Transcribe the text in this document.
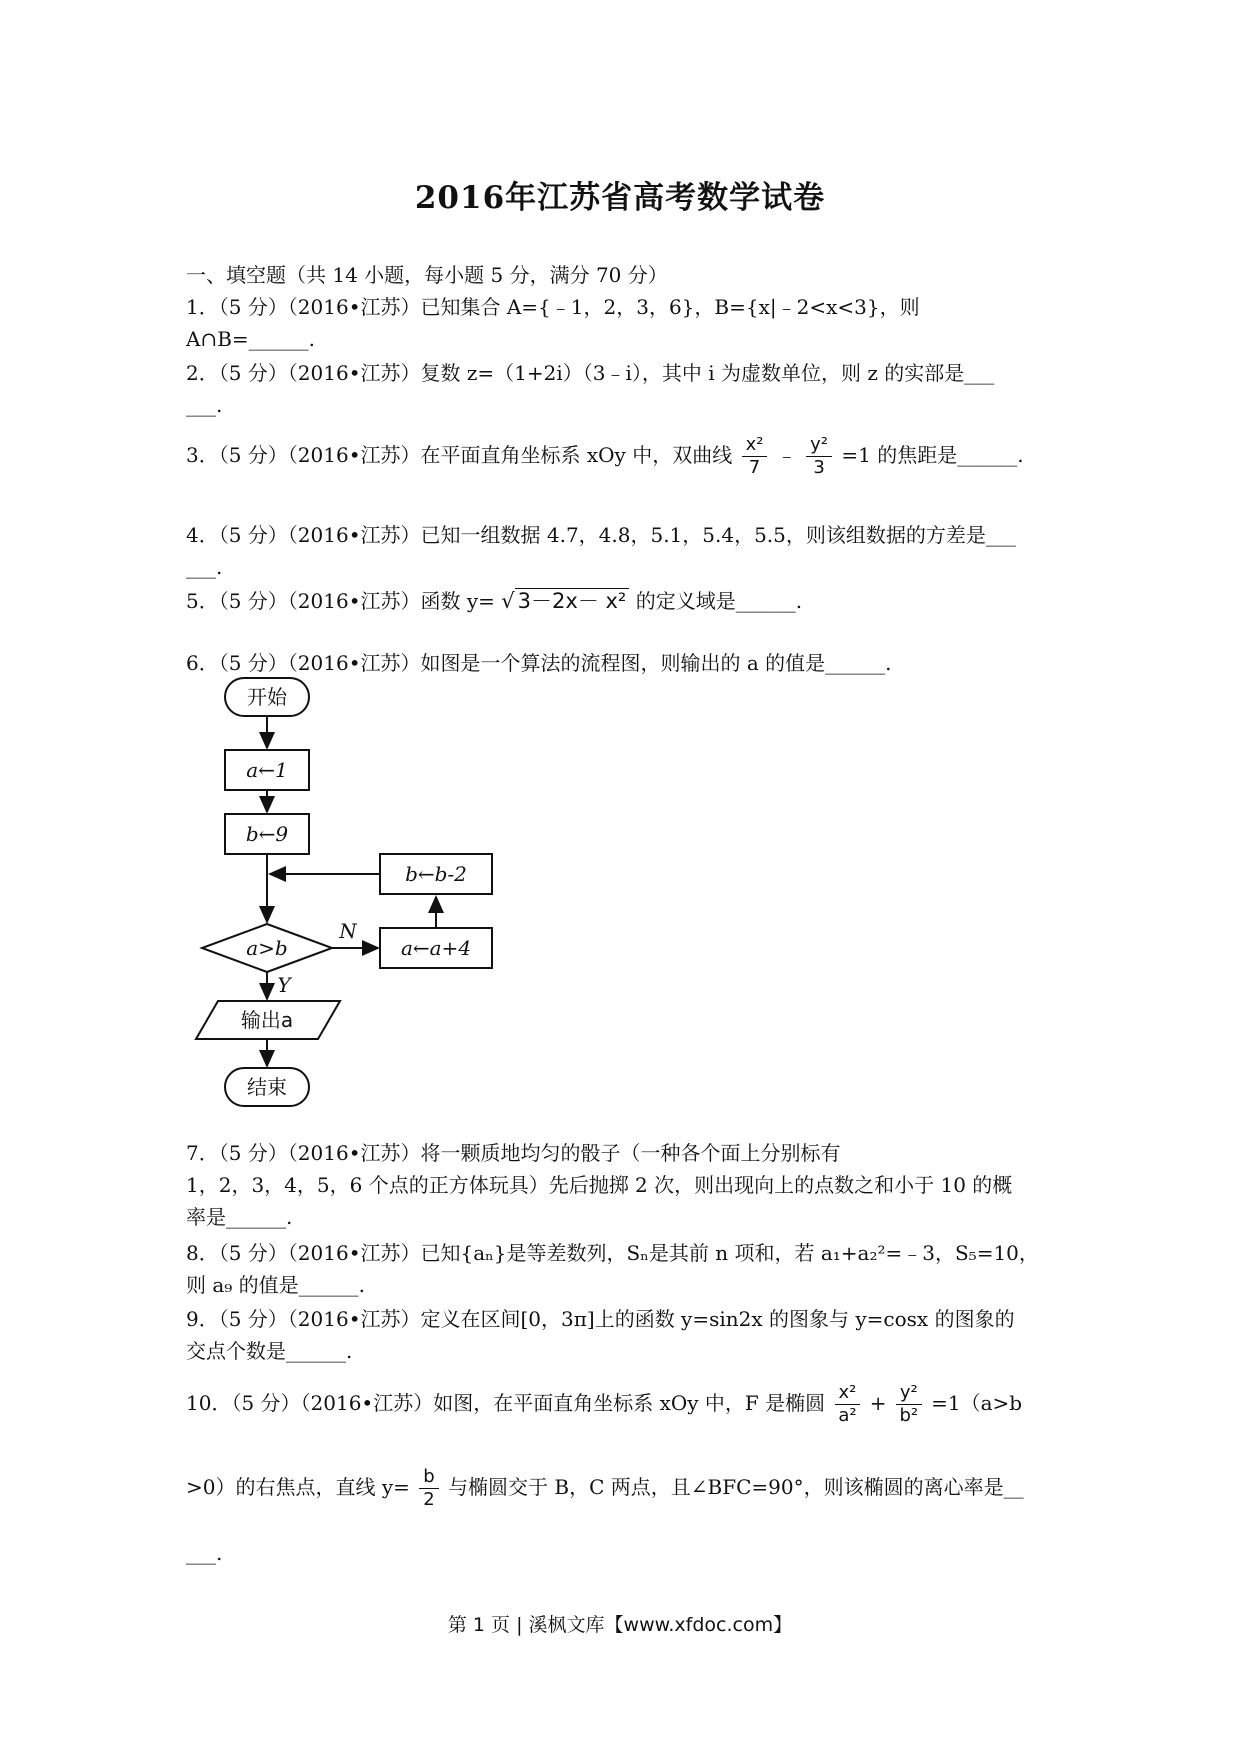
2016年江苏省高考数学试卷
一、填空题（共 14 小题，每小题 5 分，满分 70 分）
1．（5 分）（2016•江苏）已知集合 A={﹣1，2，3，6}，B={x|﹣2<x<3}，则
A∩B=______.
2．（5 分）（2016•江苏）复数 z=（1+2i）（3﹣i），其中 i 为虚数单位，则 z 的实部是___
___.
3．（5 分）（2016•江苏）在平面直角坐标系 xOy 中，双曲线 $\frac{\text{x²}}{7}$ ﹣ $\frac{\text{y²}}{3} =1$ 的焦距是______.
4．（5 分）（2016•江苏）已知一组数据 4.7，4.8，5.1，5.4，5.5，则该组数据的方差是___
___.
5．（5 分）（2016•江苏）函数 y= √ 3－2x－ x² 的定义域是______.
6．（5 分）（2016•江苏）如图是一个算法的流程图，则输出的 a 的值是______.
开始
a←1
b←9
b←b-2
a>b
N
a←a+4
Y
输出a
结束
7．（5 分）（2016•江苏）将一颗质地均匀的骰子（一种各个面上分别标有
1，2，3，4，5，6 个点的正方体玩具）先后抛掷 2 次，则出现向上的点数之和小于 10 的概
率是______.
8．（5 分）（2016•江苏）已知{aₙ}是等差数列，Sₙ是其前 n 项和，若 a₁+a₂²=﹣3，S₅=10，
则 a₉ 的值是______.
9．（5 分）（2016•江苏）定义在区间[0，3π]上的函数 y=sin2x 的图象与 y=cosx 的图象的
交点个数是______.
10．（5 分）（2016•江苏）如图，在平面直角坐标系 xOy 中，F 是椭圆 $\frac{\text{x²}}{\text{a²}} + \frac{\text{y²}}{\text{b²}} =1(a>b$
>0）的右焦点，直线 $y= \frac{b}{2}$ 与椭圆交于 B，C 两点，且∠BFC=90°，则该椭圆的离心率是__
___.
第 1 页 | 溪枫文库【www.xfdoc.com】
